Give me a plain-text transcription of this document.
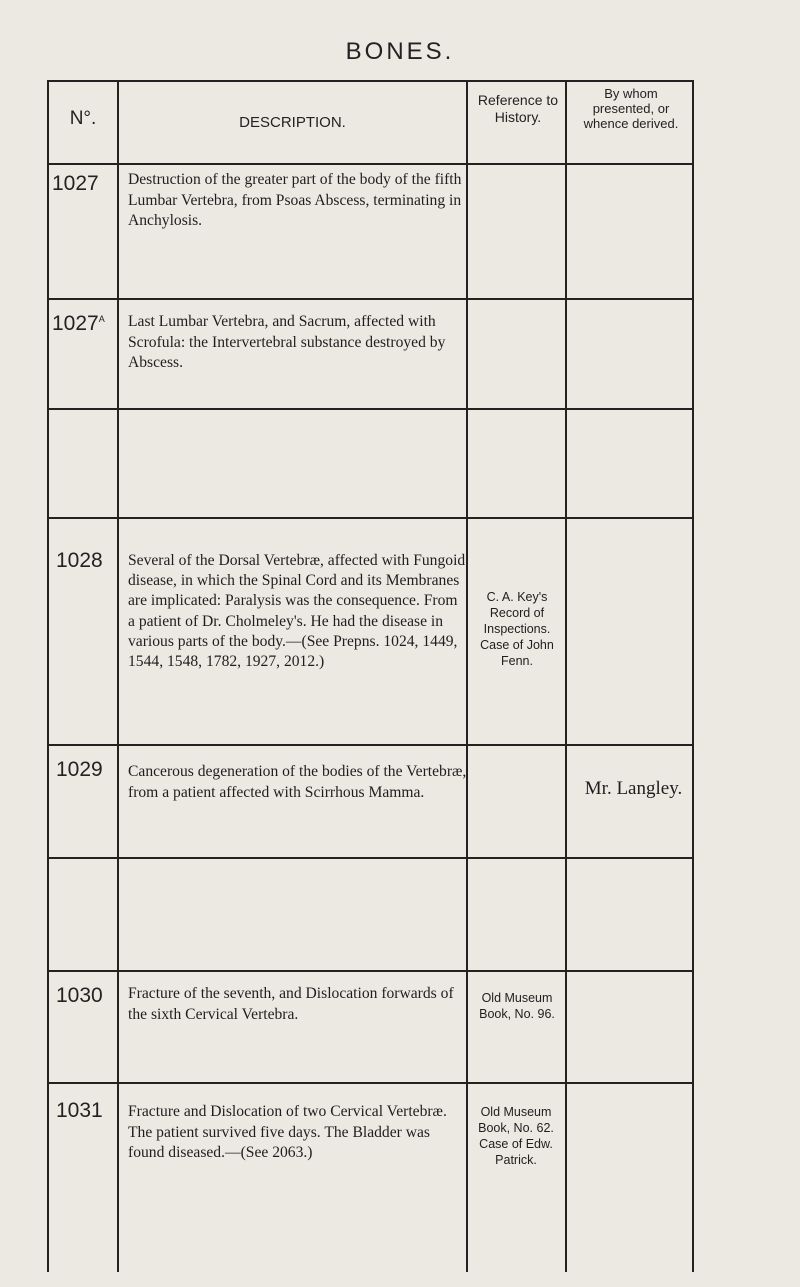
BONES.
N°.	DESCRIPTION.
Reference to History.
By whom presented, or whence derived.
1027 Destruction of the greater part of the body of the fifth Lumbar Vertebra, from Psoas Abscess, terminating in Anchylosis.
$1027^A$ Last Lumbar Vertebra, and Sacrum, affected with Scrofula: the Intervertebral substance destroyed by Abscess.
1028 Several of the Dorsal Vertebræ, affected with Fungoid disease, in which the Spinal Cord and its Membranes are implicated: Paralysis was the consequence. From a patient of Dr. Cholmeley's. He had the disease in various parts of the body.—(See Prepns. 1024, 1449, 1544, 1548, 1782, 1927, 2012.)
C. A. Key's Record of Inspections. Case of John Fenn.
1029 Cancerous degeneration of the bodies of the Vertebræ, from a patient affected with Scirrhous Mamma.	Mr. Langley.
1030 Fracture of the seventh, and Dislocation forwards of the sixth Cervical Vertebra.
Old Museum Book, No. 96.
1031 Fracture and Dislocation of two Cervical Vertebræ. The patient survived five days. The Bladder was found diseased.—(See 2063.)
Old Museum Book, No. 62. Case of Edw. Patrick.
